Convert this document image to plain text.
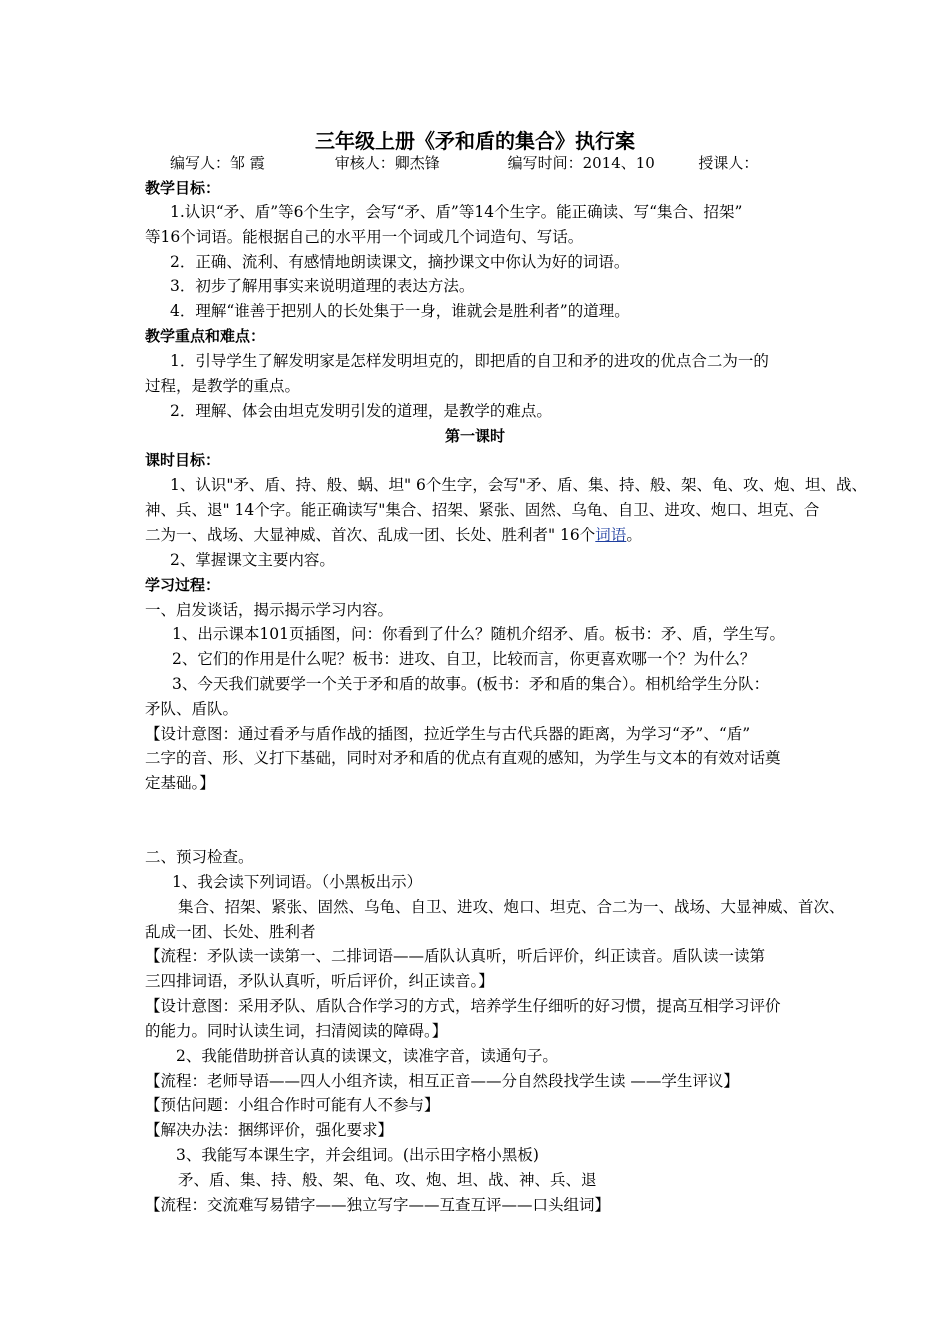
三年级上册《矛和盾的集合》执行案
编写人：邹 霞	审核人：卿杰锋	编写时间：2014、10	授课人：
教学目标：
1.认识“矛、盾”等6个生字，会写“矛、盾”等14个生字。能正确读、写“集合、招架”
等16个词语。能根据自己的水平用一个词或几个词造句、写话。
2．正确、流利、有感情地朗读课文，摘抄课文中你认为好的词语。
3．初步了解用事实来说明道理的表达方法。
4．理解“谁善于把别人的长处集于一身，谁就会是胜利者”的道理。
教学重点和难点：
1．引导学生了解发明家是怎样发明坦克的，即把盾的自卫和矛的进攻的优点合二为一的
过程，是教学的重点。
2．理解、体会由坦克发明引发的道理，是教学的难点。
第一课时
课时目标：
1、认识"矛、盾、持、般、蜗、坦" 6个生字，会写"矛、盾、集、持、般、架、龟、攻、炮、坦、战、
神、兵、退" 14个字。能正确读写"集合、招架、紧张、固然、乌龟、自卫、进攻、炮口、坦克、合
二为一、战场、大显神威、首次、乱成一团、长处、胜利者" 16个词语。
2、掌握课文主要内容。
学习过程：
一、启发谈话，揭示揭示学习内容。
1、出示课本101页插图，问：你看到了什么？随机介绍矛、盾。板书：矛、盾，学生写。
2、它们的作用是什么呢？板书：进攻、自卫，比较而言，你更喜欢哪一个？为什么？
3、今天我们就要学一个关于矛和盾的故事。(板书：矛和盾的集合）。相机给学生分队：
矛队、盾队。
【设计意图：通过看矛与盾作战的插图，拉近学生与古代兵器的距离，为学习“矛”、“盾”
二字的音、形、义打下基础，同时对矛和盾的优点有直观的感知，为学生与文本的有效对话奠
定基础。】
二、预习检查。
1、我会读下列词语。（小黑板出示）
集合、招架、紧张、固然、乌龟、自卫、进攻、炮口、坦克、合二为一、战场、大显神威、首次、
乱成一团、长处、胜利者
【流程：矛队读一读第一、二排词语——盾队认真听，听后评价，纠正读音。盾队读一读第
三四排词语，矛队认真听，听后评价，纠正读音。】
【设计意图：采用矛队、盾队合作学习的方式，培养学生仔细听的好习惯，提高互相学习评价
的能力。同时认读生词，扫清阅读的障碍。】
2、我能借助拼音认真的读课文，读准字音，读通句子。
【流程：老师导语——四人小组齐读，相互正音——分自然段找学生读 ——学生评议】
【预估问题：小组合作时可能有人不参与】
【解决办法：捆绑评价，强化要求】
3、我能写本课生字，并会组词。(出示田字格小黑板)
矛、盾、集、持、般、架、龟、攻、炮、坦、战、神、兵、退
【流程：交流难写易错字——独立写字——互查互评——口头组词】
